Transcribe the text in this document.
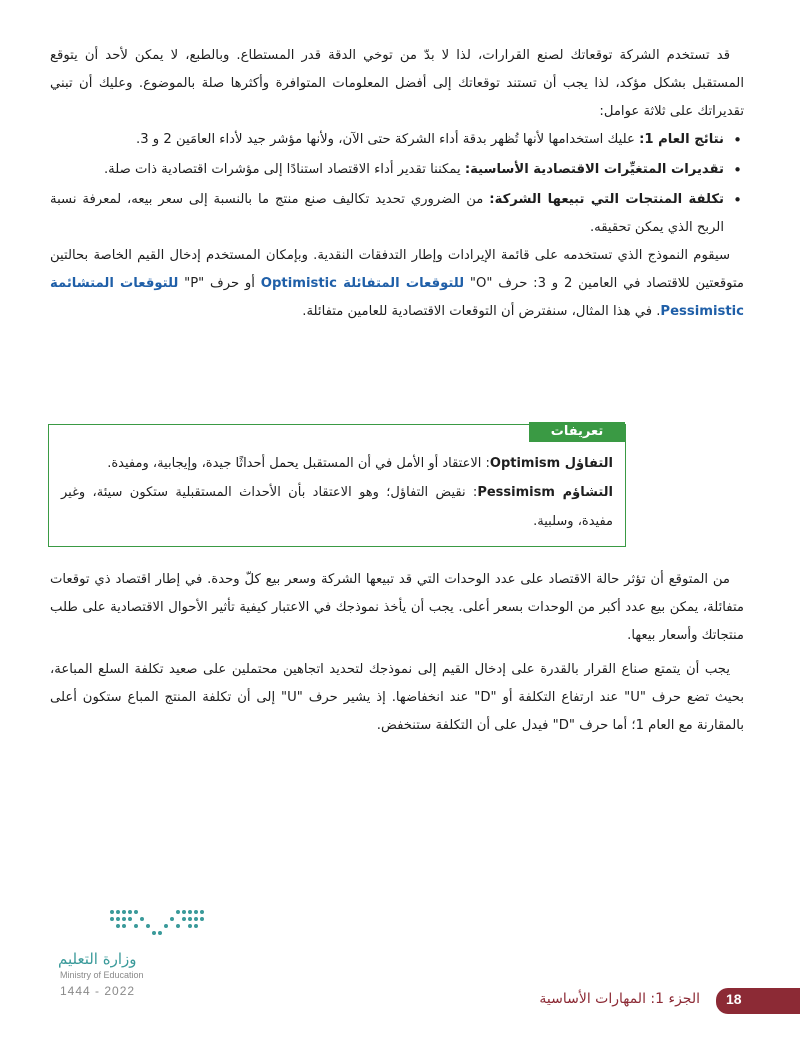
قد تستخدم الشركة توقعاتك لصنع القرارات، لذا لا بدّ من توخي الدقة قدر المستطاع. وبالطبع، لا يمكن لأحد أن يتوقع المستقبل بشكل مؤكد، لذا يجب أن تستند توقعاتك إلى أفضل المعلومات المتوافرة وأكثرها صلة بالموضوع. وعليك أن تبني تقديراتك على ثلاثة عوامل:

• نتائج العام 1: عليك استخدامها لأنها تُظهر بدقة أداء الشركة حتى الآن، ولأنها مؤشر جيد لأداء العامَين 2 و 3.
• تقديرات المتغيِّرات الاقتصادية الأساسية: يمكننا تقدير أداء الاقتصاد استنادًا إلى مؤشرات اقتصادية ذات صلة.
• تكلفة المنتجات التي تبيعها الشركة: من الضروري تحديد تكاليف صنع منتج ما بالنسبة إلى سعر بيعه، لمعرفة نسبة الربح الذي يمكن تحقيقه.

سيقوم النموذج الذي تستخدمه على قائمة الإيرادات وإطار التدفقات النقدية. وبإمكان المستخدم إدخال القيم الخاصة بحالتين متوقعتين للاقتصاد في العامين 2 و 3: حرف "O" للتوقعات المتفائلة Optimistic أو حرف "P" للتوقعات المتشائمة Pessimistic. في هذا المثال، سنفترض أن التوقعات الاقتصادية للعامين متفائلة.

تعريفات
التفاؤل Optimism: الاعتقاد أو الأمل في أن المستقبل يحمل أحداثًا جيدة، وإيجابية، ومفيدة.
التشاؤم Pessimism: نقيض التفاؤل؛ وهو الاعتقاد بأن الأحداث المستقبلية ستكون سيئة، وغير مفيدة، وسلبية.

من المتوقع أن تؤثر حالة الاقتصاد على عدد الوحدات التي قد تبيعها الشركة وسعر بيع كلّ وحدة. في إطار اقتصاد ذي توقعات متفائلة، يمكن بيع عدد أكبر من الوحدات بسعر أعلى. يجب أن يأخذ نموذجك في الاعتبار كيفية تأثير الأحوال الاقتصادية على طلب منتجاتك وأسعار بيعها.

يجب أن يتمتع صناع القرار بالقدرة على إدخال القيم إلى نموذجك لتحديد اتجاهين محتملين على صعيد تكلفة السلع المباعة، بحيث تضع حرف "U" عند ارتفاع التكلفة أو "D" عند انخفاضها. إذ يشير حرف "U" إلى أن تكلفة المنتج المباع ستكون أعلى بالمقارنة مع العام 1؛ أما حرف "D" فيدل على أن التكلفة ستنخفض.

وزارة التعليم
Ministry of Education
2022 - 1444	الجزء 1: المهارات الأساسية 18
